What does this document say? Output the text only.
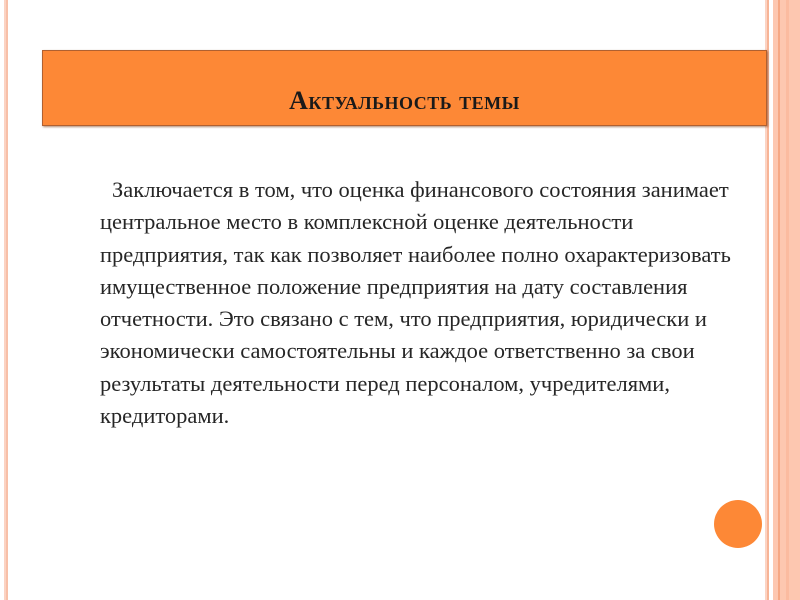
Актуальность темы

Заключается в том, что оценка финансового состояния занимает центральное место в комплексной оценке деятельности предприятия, так как позволяет наиболее полно охарактеризовать имущественное положение предприятия на дату составления отчетности. Это связано с тем, что предприятия, юридически и экономически самостоятельны и каждое ответственно за свои результаты деятельности перед персоналом, учредителями, кредиторами.
